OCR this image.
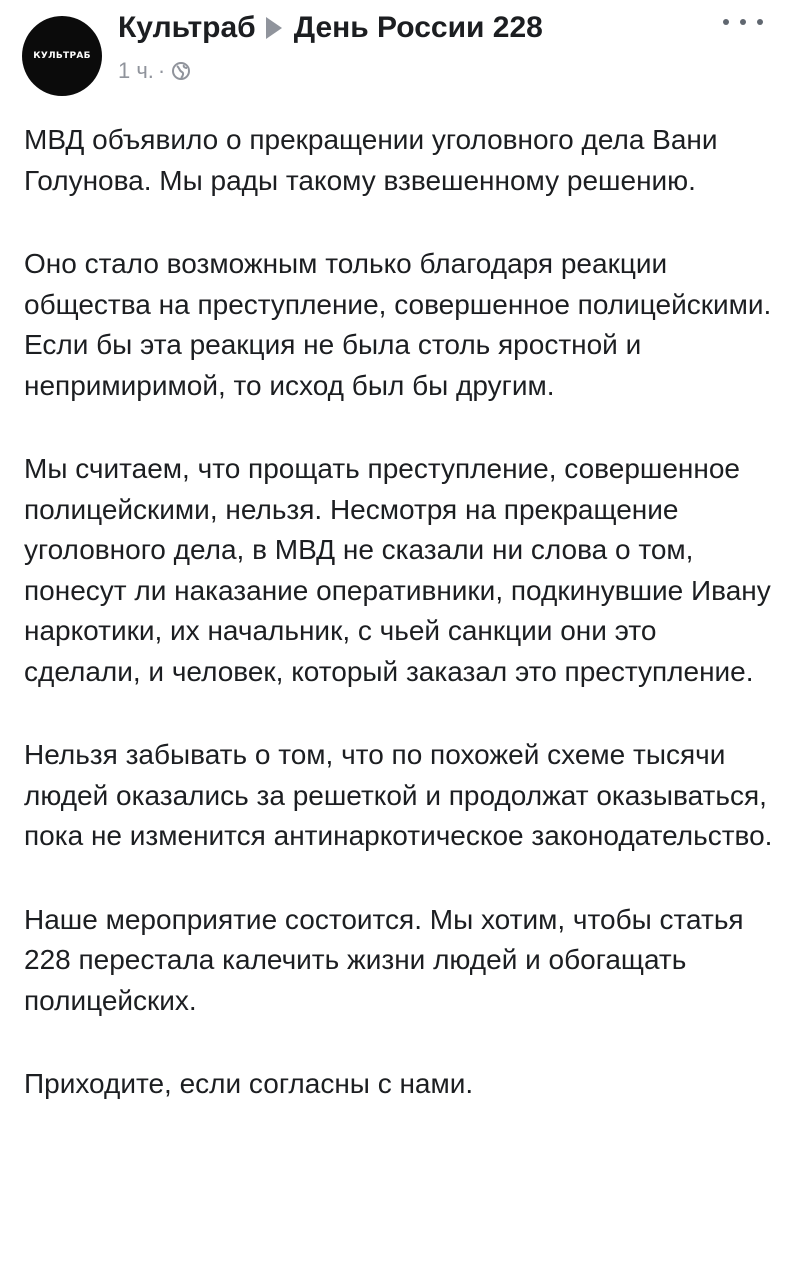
КУЛЬТРАБ
Культраб День России 228
1 ч. ·

МВД объявило о прекращении уголовного дела Вани Голунова. Мы рады такому взвешенному решению.

Оно стало возможным только благодаря реакции общества на преступление, совершенное полицейскими. Если бы эта реакция не была столь яростной и непримиримой, то исход был бы другим.

Мы считаем, что прощать преступление, совершенное полицейскими, нельзя. Несмотря на прекращение уголовного дела, в МВД не сказали ни слова о том, понесут ли наказание оперативники, подкинувшие Ивану наркотики, их начальник, с чьей санкции они это сделали, и человек, который заказал это преступление.

Нельзя забывать о том, что по похожей схеме тысячи людей оказались за решеткой и продолжат оказываться, пока не изменится антинаркотическое законодательство.

Наше мероприятие состоится. Мы хотим, чтобы статья 228 перестала калечить жизни людей и обогащать полицейских.

Приходите, если согласны с нами.
